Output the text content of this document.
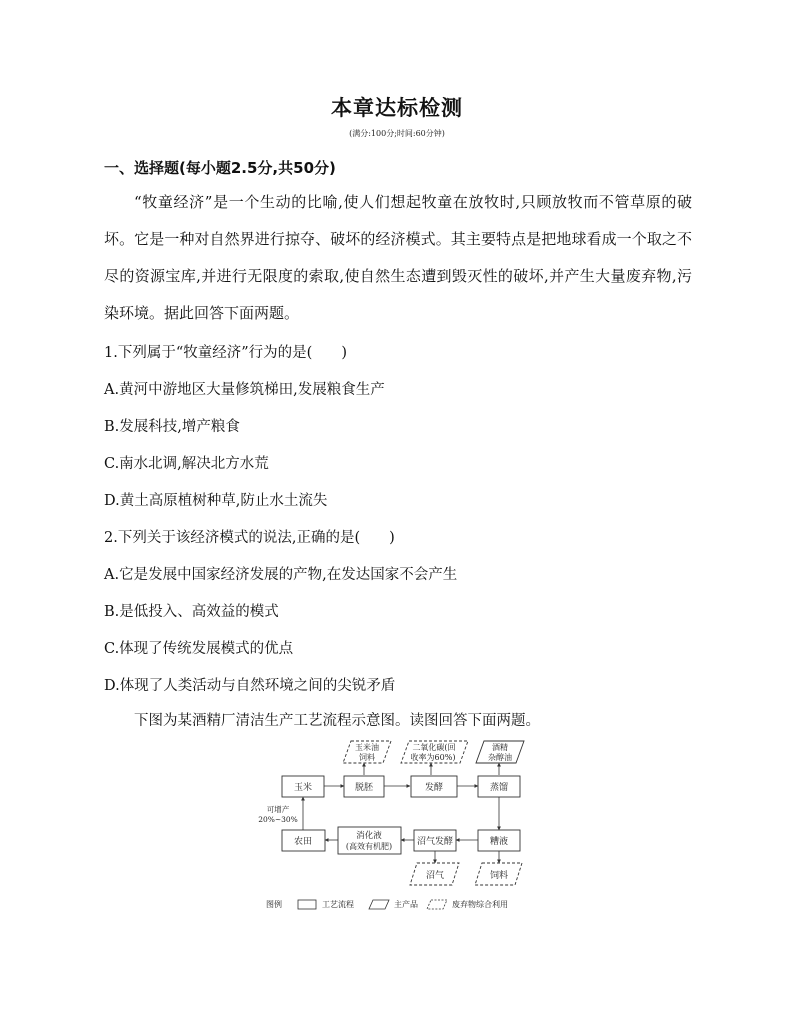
本章达标检测
(满分:100分;时间:60分钟)
一、选择题(每小题2.5分,共50分)
“牧童经济”是一个生动的比喻,使人们想起牧童在放牧时,只顾放牧而不管草原的破坏。它是一种对自然界进行掠夺、破坏的经济模式。其主要特点是把地球看成一个取之不尽的资源宝库,并进行无限度的索取,使自然生态遭到毁灭性的破坏,并产生大量废弃物,污染环境。据此回答下面两题。
1.下列属于“牧童经济”行为的是(　　)
A.黄河中游地区大量修筑梯田,发展粮食生产
B.发展科技,增产粮食
C.南水北调,解决北方水荒
D.黄土高原植树种草,防止水土流失
2.下列关于该经济模式的说法,正确的是(　　)
A.它是发展中国家经济发展的产物,在发达国家不会产生
B.是低投入、高效益的模式
C.体现了传统发展模式的优点
D.体现了人类活动与自然环境之间的尖锐矛盾
下图为某酒精厂清洁生产工艺流程示意图。读图回答下面两题。
玉米	脱胚	发酵	蒸馏
农田	沼气发酵	糟液
消化液
(高效有机肥)
玉米油
饲料
二氧化碳(回
收率为60%)
酒精
杂醇油
沼气	饲料
可增产
20%~30%
图例	工艺流程	主产品	废弃物综合利用
